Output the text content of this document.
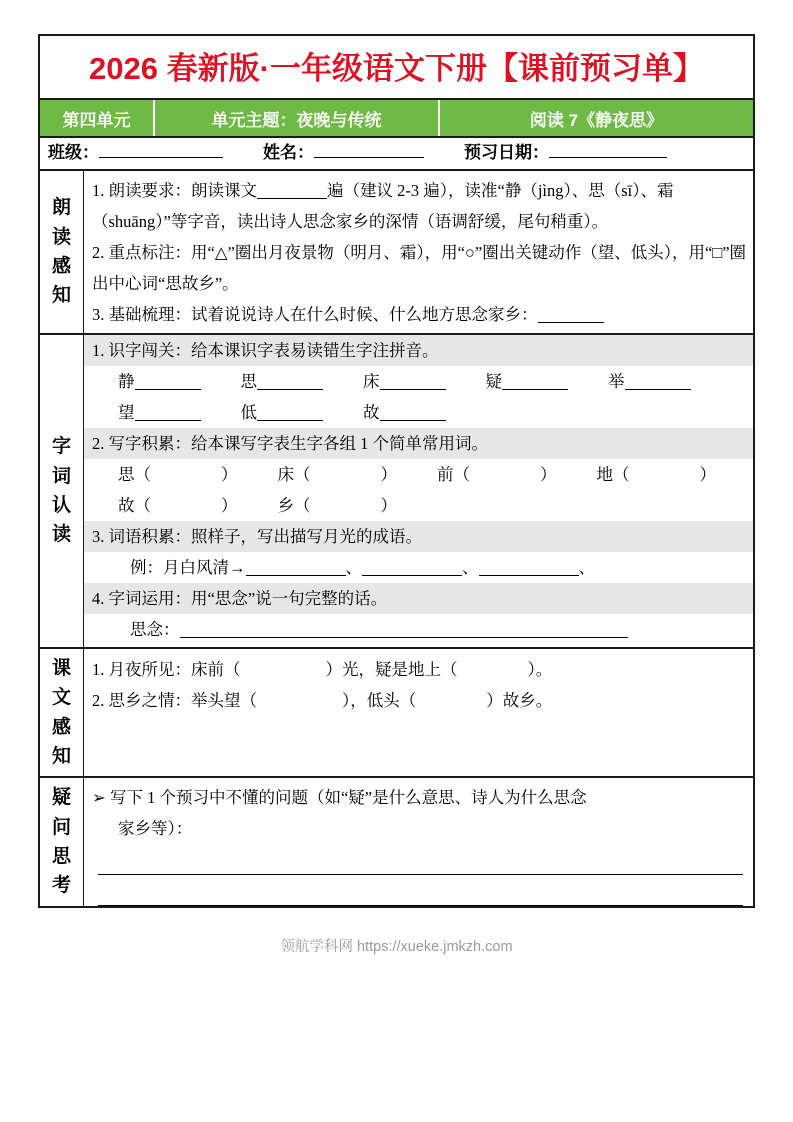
2026 春新版·一年级语文下册【课前预习单】
第四单元	单元主题：夜晚与传统	阅读 7《静夜思》
班级：	姓名：	预习日期：
朗
读
感
知
1. 朗读要求：朗读课文	遍（建议 2-3 遍），读准“静（jìng）、思（sī）、霜（shuāng）”等字音，读出诗人思念家乡的深情（语调舒缓，尾句稍重）。
2. 重点标注：用“△”圈出月夜景物（明月、霜），用“○”圈出关键动作（望、低头），用“□”圈出中心词“思故乡”。
3. 基础梳理：试着说说诗人在什么时候、什么地方思念家乡：
字
词
认
读
1. 识字闯关：给本课识字表易读错生字注拼音。
静	思	床	疑	举
望	低	故
2. 写字积累：给本课写字表生字各组 1 个简单常用词。
思（	） 床（	） 前（	） 地（	）
故（	） 乡（	）
3. 词语积累：照样子，写出描写月光的成语。
例：月白风清→	、	、	、
4. 字词运用：用“思念”说一句完整的话。
思念：
课
文
感
知
1. 月夜所见：床前（	）光，疑是地上（	）。
2. 思乡之情：举头望（	），低头（	）故乡。
疑
问
思
考
➢ 写下 1 个预习中不懂的问题（如“疑”是什么意思、诗人为什么思念
家乡等）：
领航学科网 https://xueke.jmkzh.com
